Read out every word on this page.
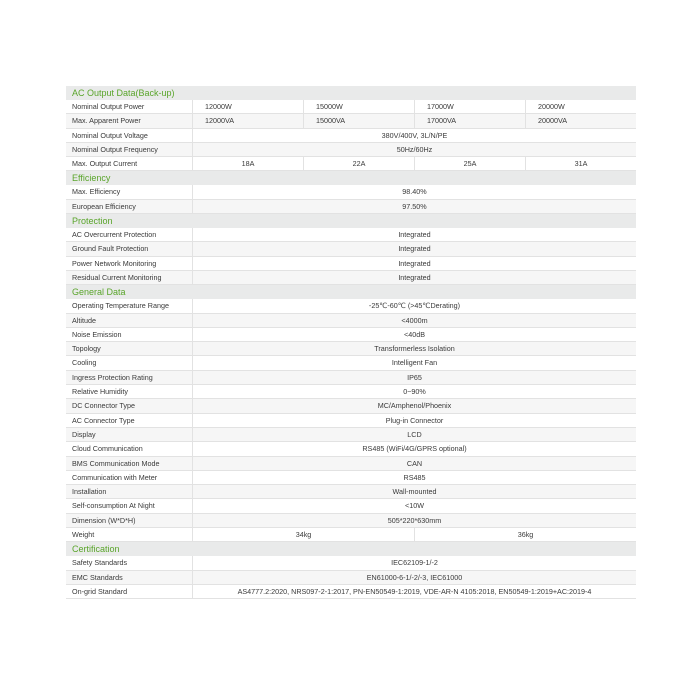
AC Output Data(Back-up)
Nominal Output Power	12000W	15000W	17000W	20000W
Max. Apparent Power	12000VA	15000VA	17000VA	20000VA
Nominal Output Voltage	380V/400V, 3L/N/PE
Nominal Output Frequency	50Hz/60Hz
Max. Output Current	18A	22A	25A	31A
Efficiency
Max. Efficiency	98.40%
European Efficiency	97.50%
Protection
AC Overcurrent Protection	Integrated
Ground Fault Protection	Integrated
Power Network Monitoring	Integrated
Residual Current Monitoring	Integrated
General Data
Operating Temperature Range	-25℃-60℃ (>45℃Derating)
Altitude	<4000m
Noise Emission	<40dB
Topology	Transformerless Isolation
Cooling	Intelligent Fan
Ingress Protection Rating	IP65
Relative Humidity	0~90%
DC Connector Type	MC/Amphenol/Phoenix
AC Connector Type	Plug-in Connector
Display	LCD
Cloud Communication	RS485 (WiFi/4G/GPRS optional)
BMS Communication Mode	CAN
Communication with Meter	RS485
Installation	Wall-mounted
Self-consumption At Night	<10W
Dimension (W*D*H)	505*220*630mm
Weight	34kg	36kg
Certification
Safety Standards	IEC62109-1/-2
EMC Standards	EN61000-6-1/-2/-3, IEC61000
On-grid Standard	AS4777.2:2020, NRS097-2-1:2017, PN-EN50549-1:2019, VDE-AR-N 4105:2018, EN50549-1:2019+AC:2019-4
